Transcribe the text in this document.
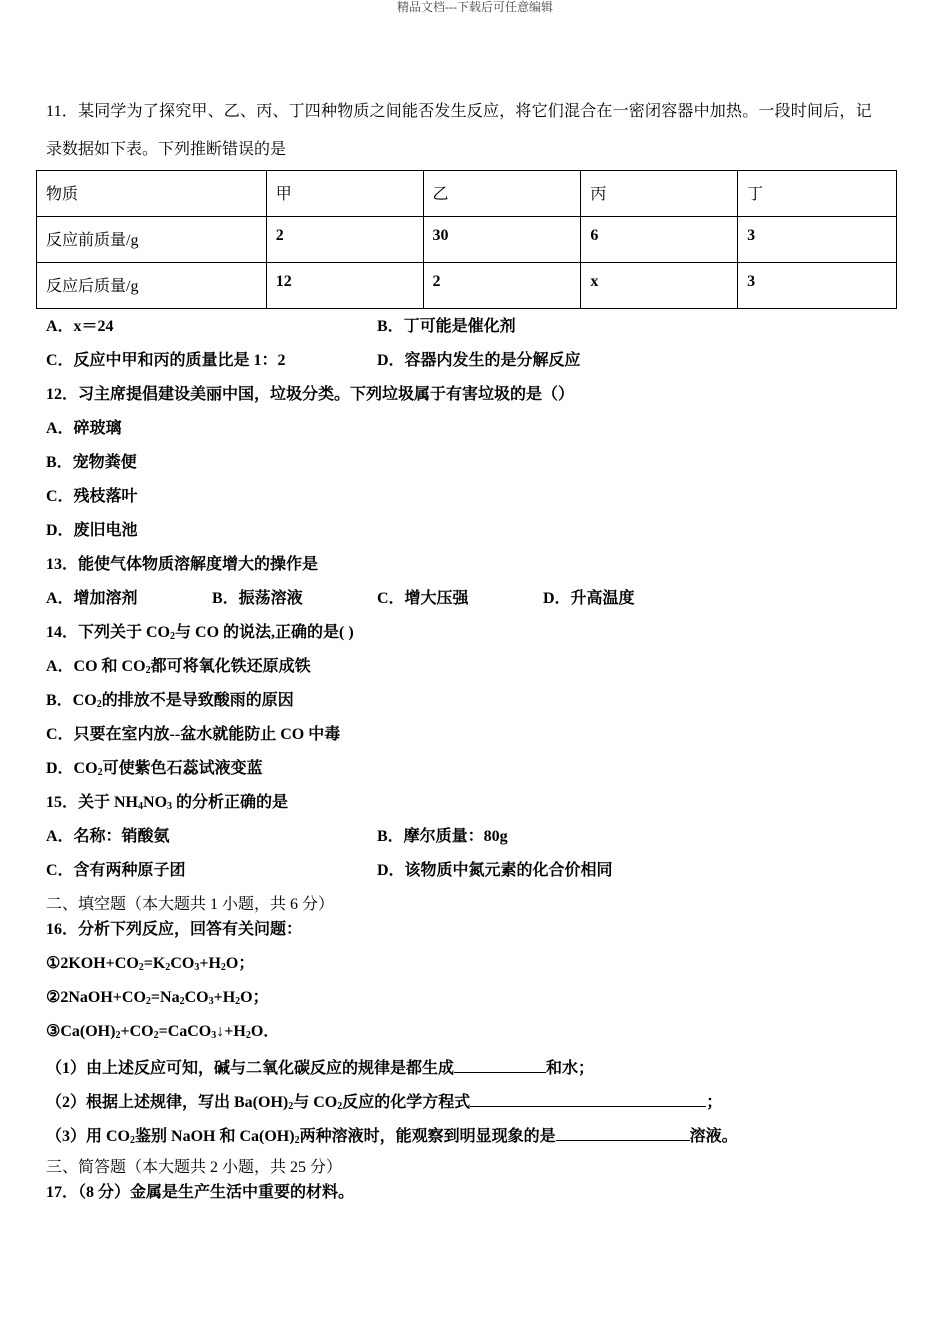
精品文档---下载后可任意编辑
11．某同学为了探究甲、乙、丙、丁四种物质之间能否发生反应，将它们混合在一密闭容器中加热。一段时间后，记
录数据如下表。下列推断错误的是
物质	甲	乙	丙	丁
反应前质量/g	2	30	6	3
反应后质量/g	12	2	x	3
A．x＝24	B．丁可能是催化剂
C．反应中甲和丙的质量比是 1：2	D．容器内发生的是分解反应
12．习主席提倡建设美丽中国，垃圾分类。下列垃圾属于有害垃圾的是（）
A．碎玻璃
B．宠物粪便
C．残枝落叶
D．废旧电池
13．能使气体物质溶解度增大的操作是
A．增加溶剂	B．振荡溶液	C．增大压强	D．升高温度
14．下列关于 $CO_2$与 CO 的说法,正确的是( )
A．CO 和 $CO_2$都可将氧化铁还原成铁
B．$CO_2$的排放不是导致酸雨的原因
C．只要在室内放--盆水就能防止 CO 中毒
D．$CO_2$可使紫色石蕊试液变蓝
15．关于 $NH_4NO_3$ 的分析正确的是
A．名称：销酸氨	B．摩尔质量：80g
C．含有两种原子团	D．该物质中氮元素的化合价相同
二、填空题（本大题共 1 小题，共 6 分）
16．分析下列反应，回答有关问题：
$①2KOH+CO_2=K_2CO_3+H_2O$；
$②2NaOH+CO_2=Na_2CO_3+H_2O$；
$③Ca(OH)_2+CO_2=CaCO_3↓+H_2O$．
（1）由上述反应可知，碱与二氧化碳反应的规律是都生成	和水；
（2）根据上述规律，写出 $Ba(OH)_2$与 $CO_2$反应的化学方程式	；
（3）用 $CO_2$鉴别 NaOH 和 $Ca(OH)_2$两种溶液时，能观察到明显现象的是	溶液。
三、简答题（本大题共 2 小题，共 25 分）
17．（8 分）金属是生产生活中重要的材料。
